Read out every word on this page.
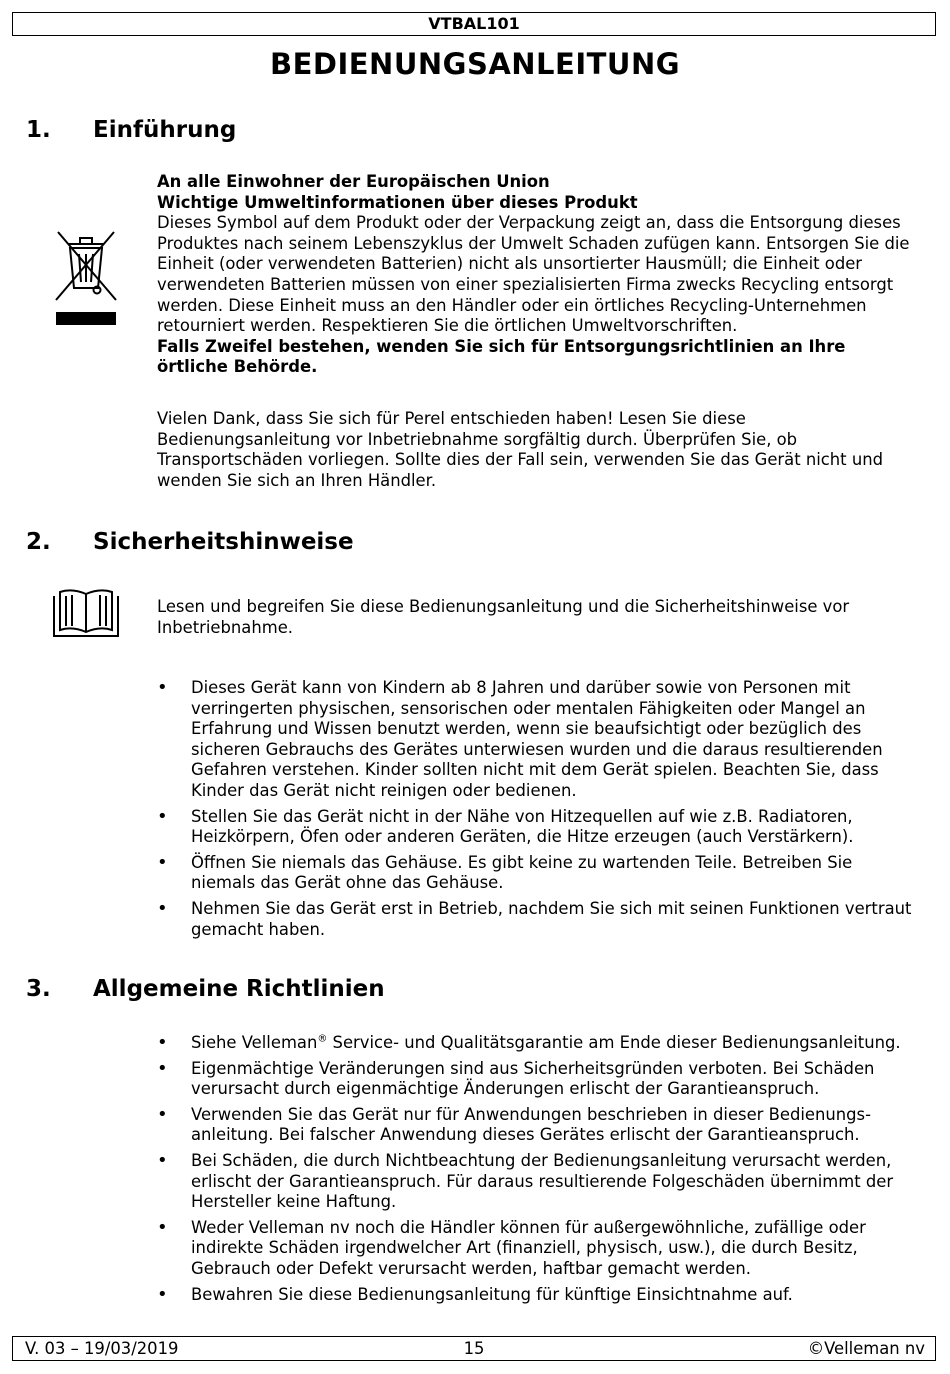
VTBAL101
BEDIENUNGSANLEITUNG
1. Einführung

An alle Einwohner der Europäischen Union

Wichtige Umweltinformationen über dieses Produkt

Dieses Symbol auf dem Produkt oder der Verpackung zeigt an, dass die Entsorgung dieses Produktes nach seinem Lebenszyklus der Umwelt Schaden zufügen kann. Entsorgen Sie die Einheit (oder verwendeten Batterien) nicht als unsortierter Hausmüll; die Einheit oder verwendeten Batterien müssen von einer spezialisierten Firma zwecks Recycling entsorgt werden. Diese Einheit muss an den Händler oder ein örtliches Recycling-Unternehmen retourniert werden. Respektieren Sie die örtlichen Umweltvorschriften.

Falls Zweifel bestehen, wenden Sie sich für Entsorgungsrichtlinien an Ihre örtliche Behörde.

Vielen Dank, dass Sie sich für Perel entschieden haben! Lesen Sie diese Bedienungsanleitung vor Inbetriebnahme sorgfältig durch. Überprüfen Sie, ob Transportschäden vorliegen. Sollte dies der Fall sein, verwenden Sie das Gerät nicht und wenden Sie sich an Ihren Händler.

2. Sicherheitshinweise

Lesen und begreifen Sie diese Bedienungsanleitung und die Sicherheitshinweise vor Inbetriebnahme.

• Dieses Gerät kann von Kindern ab 8 Jahren und darüber sowie von Personen mit verringerten physischen, sensorischen oder mentalen Fähigkeiten oder Mangel an Erfahrung und Wissen benutzt werden, wenn sie beaufsichtigt oder bezüglich des sicheren Gebrauchs des Gerätes unterwiesen wurden und die daraus resultierenden Gefahren verstehen. Kinder sollten nicht mit dem Gerät spielen. Beachten Sie, dass Kinder das Gerät nicht reinigen oder bedienen.
• Stellen Sie das Gerät nicht in der Nähe von Hitzequellen auf wie z.B. Radiatoren, Heizkörpern, Öfen oder anderen Geräten, die Hitze erzeugen (auch Verstärkern).
• Öffnen Sie niemals das Gehäuse. Es gibt keine zu wartenden Teile. Betreiben Sie niemals das Gerät ohne das Gehäuse.
• Nehmen Sie das Gerät erst in Betrieb, nachdem Sie sich mit seinen Funktionen vertraut gemacht haben.
3. Allgemeine Richtlinien
• Siehe Velleman® Service- und Qualitätsgarantie am Ende dieser Bedienungsanleitung.
• Eigenmächtige Veränderungen sind aus Sicherheitsgründen verboten. Bei Schäden verursacht durch eigenmächtige Änderungen erlischt der Garantieanspruch.
• Verwenden Sie das Gerät nur für Anwendungen beschrieben in dieser Bedienungs-anleitung. Bei falscher Anwendung dieses Gerätes erlischt der Garantieanspruch.
• Bei Schäden, die durch Nichtbeachtung der Bedienungsanleitung verursacht werden, erlischt der Garantieanspruch. Für daraus resultierende Folgeschäden übernimmt der Hersteller keine Haftung.
• Weder Velleman nv noch die Händler können für außergewöhnliche, zufällige oder indirekte Schäden irgendwelcher Art (finanziell, physisch, usw.), die durch Besitz, Gebrauch oder Defekt verursacht werden, haftbar gemacht werden.
• Bewahren Sie diese Bedienungsanleitung für künftige Einsichtnahme auf.
V. 03 – 19/03/2019	15	©Velleman nv
